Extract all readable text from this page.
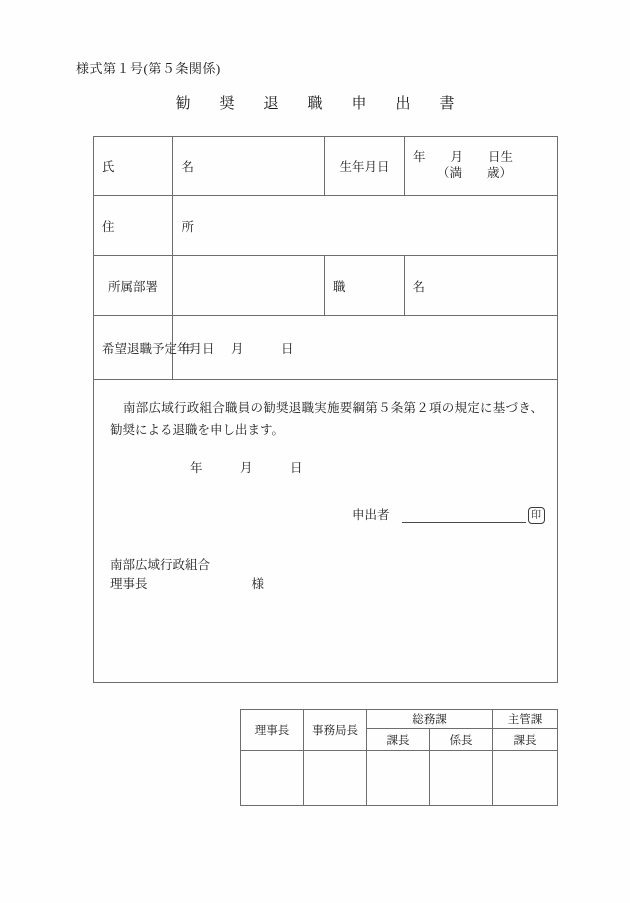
様式第１号(第５条関係)
勧　奨　退　職　申　出　書
氏　　名		生年月日	年　　月　　日生
（満　　歳）

住　　所			
所属部署		職　　名	
希望退職予定年月日	年　　　月　　　日		

南部広域行政組合職員の勧奨退職実施要綱第５条第２項の規定に基づき、勧奨による退職を申し出ます。
年　　　月　　　日
申出者	印
南部広域行政組合
理事長	様
理事長	事務局長	総務課		主管課
		課長	係長	課長
